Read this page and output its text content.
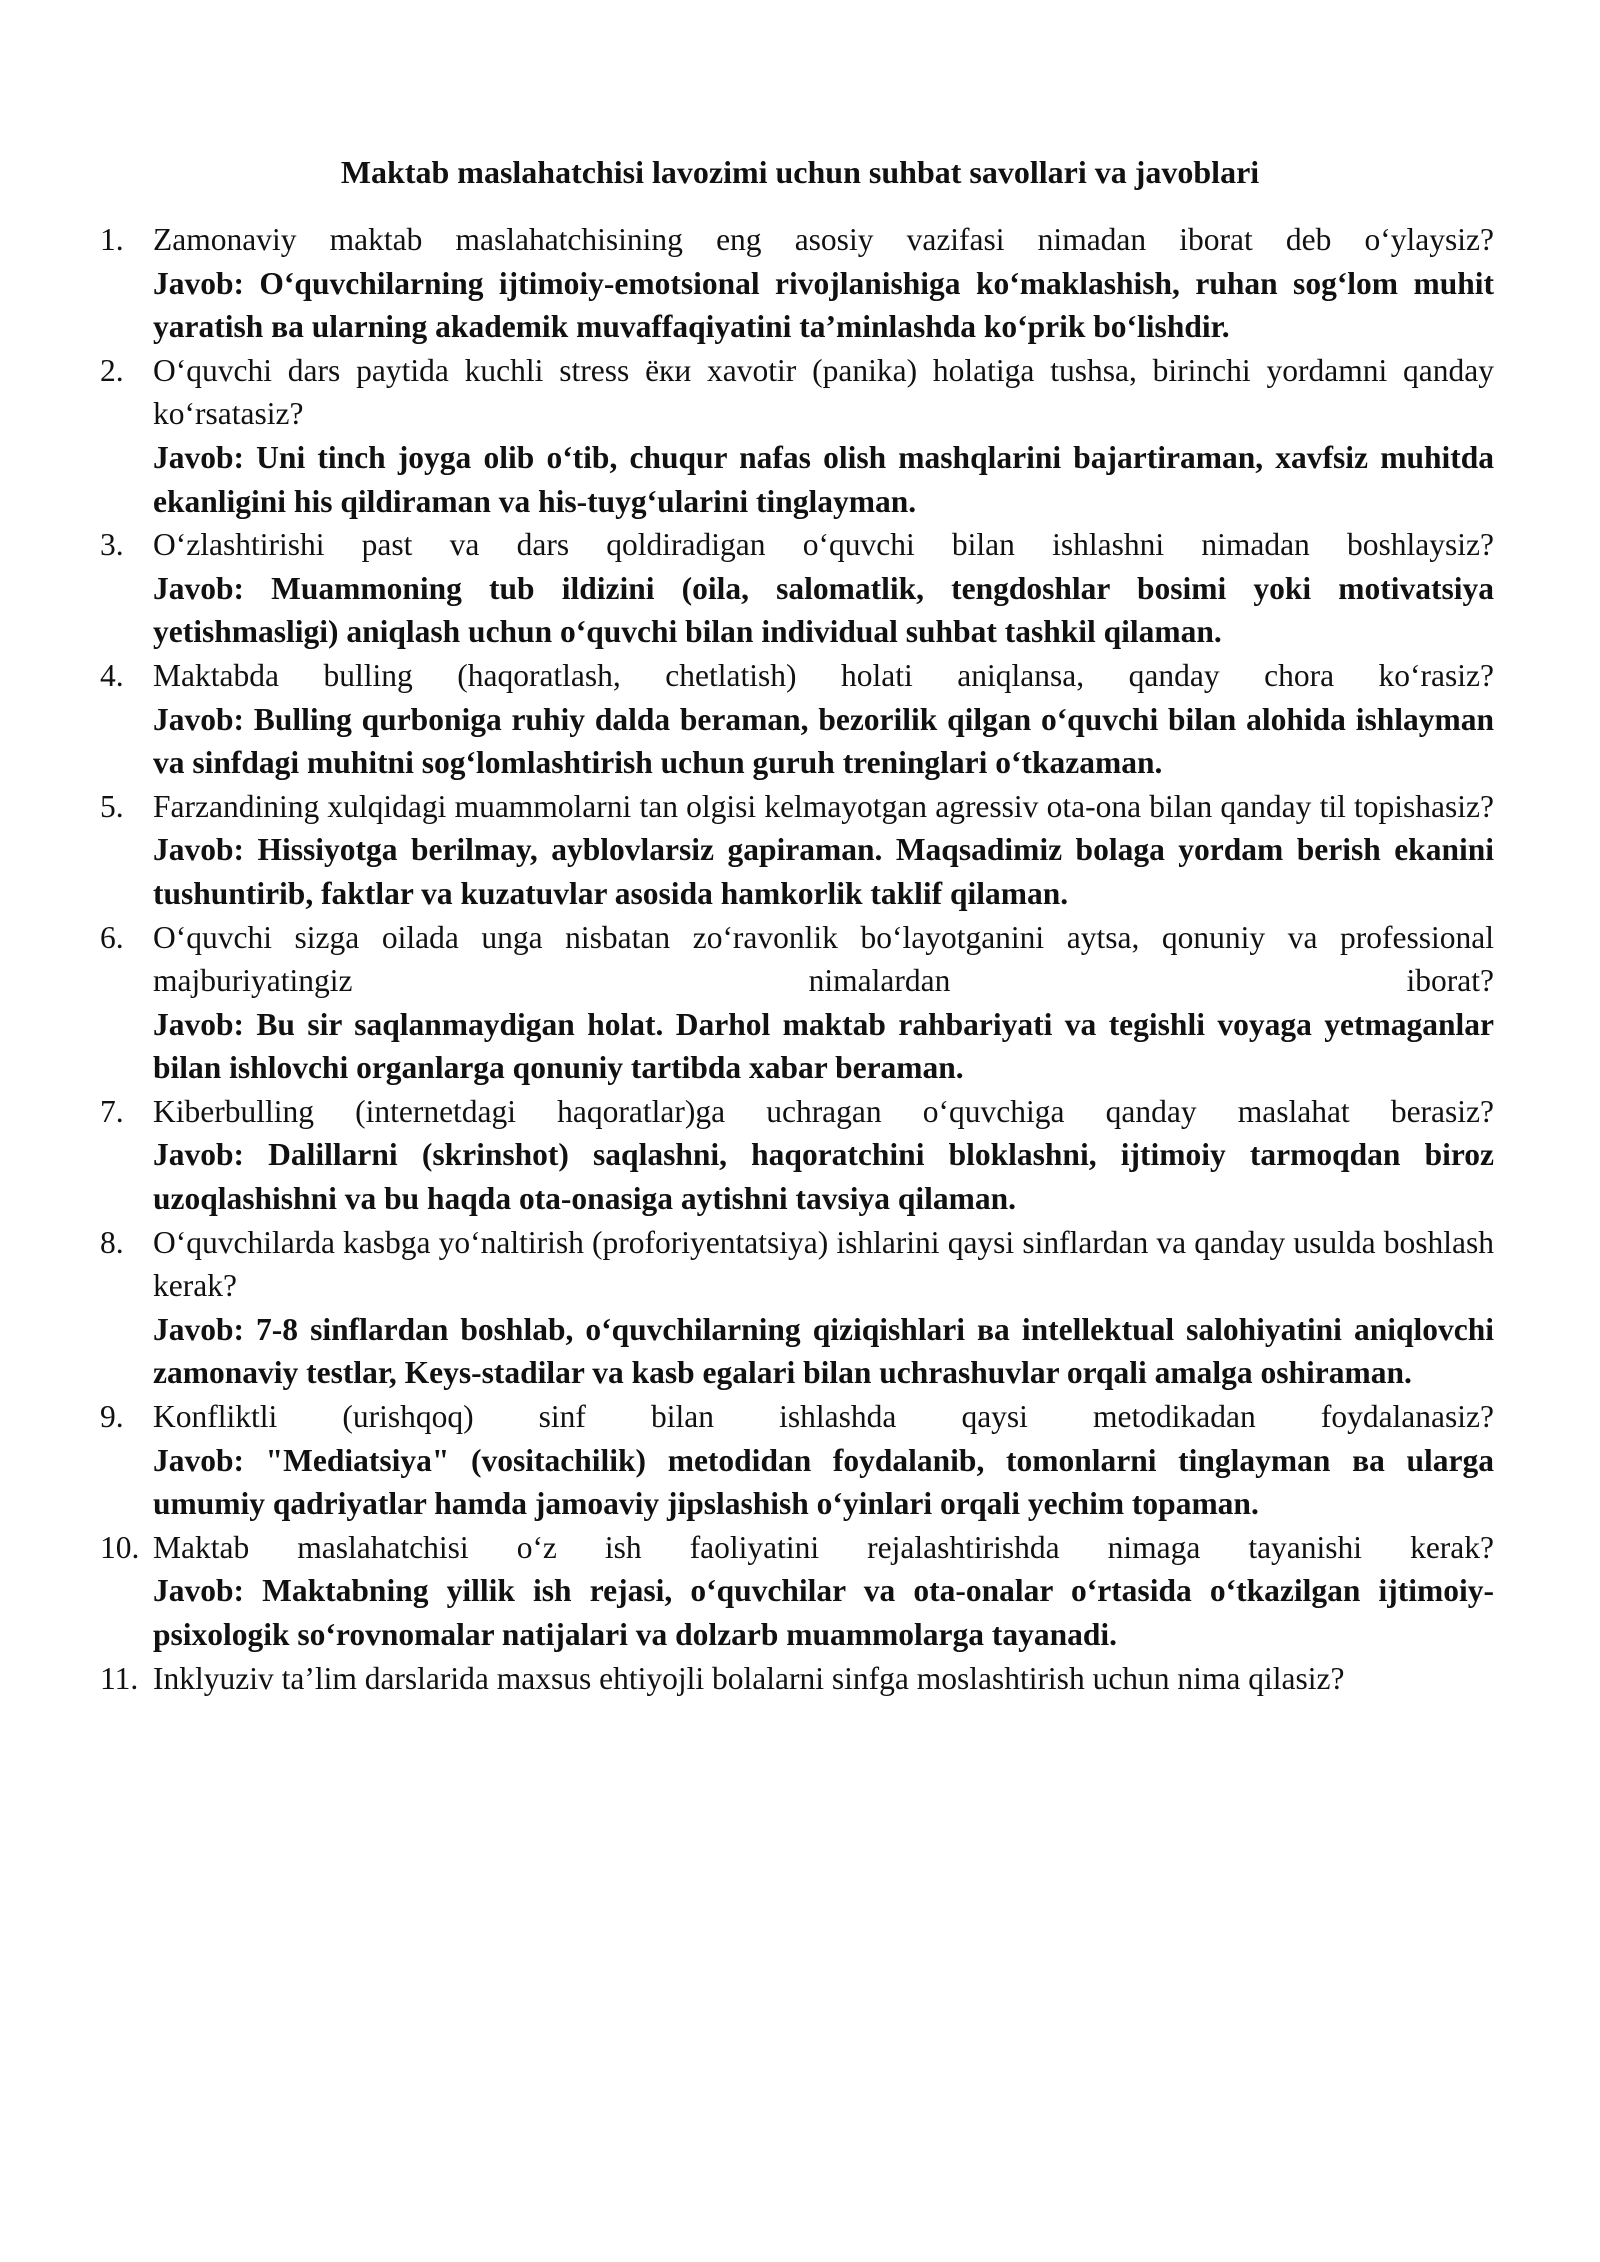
Maktab maslahatchisi lavozimi uchun suhbat savollari va javoblari
1. Zamonaviy maktab maslahatchisining eng asosiy vazifasi nimadan iborat deb o‘ylaysiz?
Javob: O‘quvchilarning ijtimoiy-emotsional rivojlanishiga ko‘maklashish, ruhan sog‘lom muhit yaratish ва ularning akademik muvaffaqiyatini ta’minlashda ko‘prik bo‘lishdir.
2. O‘quvchi dars paytida kuchli stress ёки xavotir (panika) holatiga tushsa, birinchi yordamni qanday ko‘rsatasiz?
Javob: Uni tinch joyga olib o‘tib, chuqur nafas olish mashqlarini bajartiraman, xavfsiz muhitda ekanligini his qildiraman va his-tuyg‘ularini tinglayman.
3. O‘zlashtirishi past va dars qoldiradigan o‘quvchi bilan ishlashni nimadan boshlaysiz?
Javob: Muammoning tub ildizini (oila, salomatlik, tengdoshlar bosimi yoki motivatsiya yetishmasligi) aniqlash uchun o‘quvchi bilan individual suhbat tashkil qilaman.
4. Maktabda bulling (haqoratlash, chetlatish) holati aniqlansa, qanday chora ko‘rasiz?
Javob: Bulling qurboniga ruhiy dalda beraman, bezorilik qilgan o‘quvchi bilan alohida ishlayman va sinfdagi muhitni sog‘lomlashtirish uchun guruh treninglari o‘tkazaman.
5. Farzandining xulqidagi muammolarni tan olgisi kelmayotgan agressiv ota-ona bilan qanday til topishasiz?
Javob: Hissiyotga berilmay, ayblovlarsiz gapiraman. Maqsadimiz bolaga yordam berish ekanini tushuntirib, faktlar va kuzatuvlar asosida hamkorlik taklif qilaman.
6. O‘quvchi sizga oilada unga nisbatan zo‘ravonlik bo‘layotganini aytsa, qonuniy va professional majburiyatingiz nimalardan iborat?
Javob: Bu sir saqlanmaydigan holat. Darhol maktab rahbariyati va tegishli voyaga yetmaganlar bilan ishlovchi organlarga qonuniy tartibda xabar beraman.
7. Kiberbulling (internetdagi haqoratlar)ga uchragan o‘quvchiga qanday maslahat berasiz?
Javob: Dalillarni (skrinshot) saqlashni, haqoratchini bloklashni, ijtimoiy tarmoqdan biroz uzoqlashishni va bu haqda ota-onasiga aytishni tavsiya qilaman.
8. O‘quvchilarda kasbga yo‘naltirish (proforiyentatsiya) ishlarini qaysi sinflardan va qanday usulda boshlash kerak?
Javob: 7-8 sinflardan boshlab, o‘quvchilarning qiziqishlari ва intellektual salohiyatini aniqlovchi zamonaviy testlar, Keys-stadilar va kasb egalari bilan uchrashuvlar orqali amalga oshiraman.
9. Konfliktli (urishqoq) sinf bilan ishlashda qaysi metodikadan foydalanasiz?
Javob: "Mediatsiya" (vositachilik) metodidan foydalanib, tomonlarni tinglayman ва ularga umumiy qadriyatlar hamda jamoaviy jipslashish o‘yinlari orqali yechim topaman.
10. Maktab maslahatchisi o‘z ish faoliyatini rejalashtirishda nimaga tayanishi kerak?
Javob: Maktabning yillik ish rejasi, o‘quvchilar va ota-onalar o‘rtasida o‘tkazilgan ijtimoiy-psixologik so‘rovnomalar natijalari va dolzarb muammolarga tayanadi.
11. Inklyuziv ta’lim darslarida maxsus ehtiyojli bolalarni sinfga moslashtirish uchun nima qilasiz?
